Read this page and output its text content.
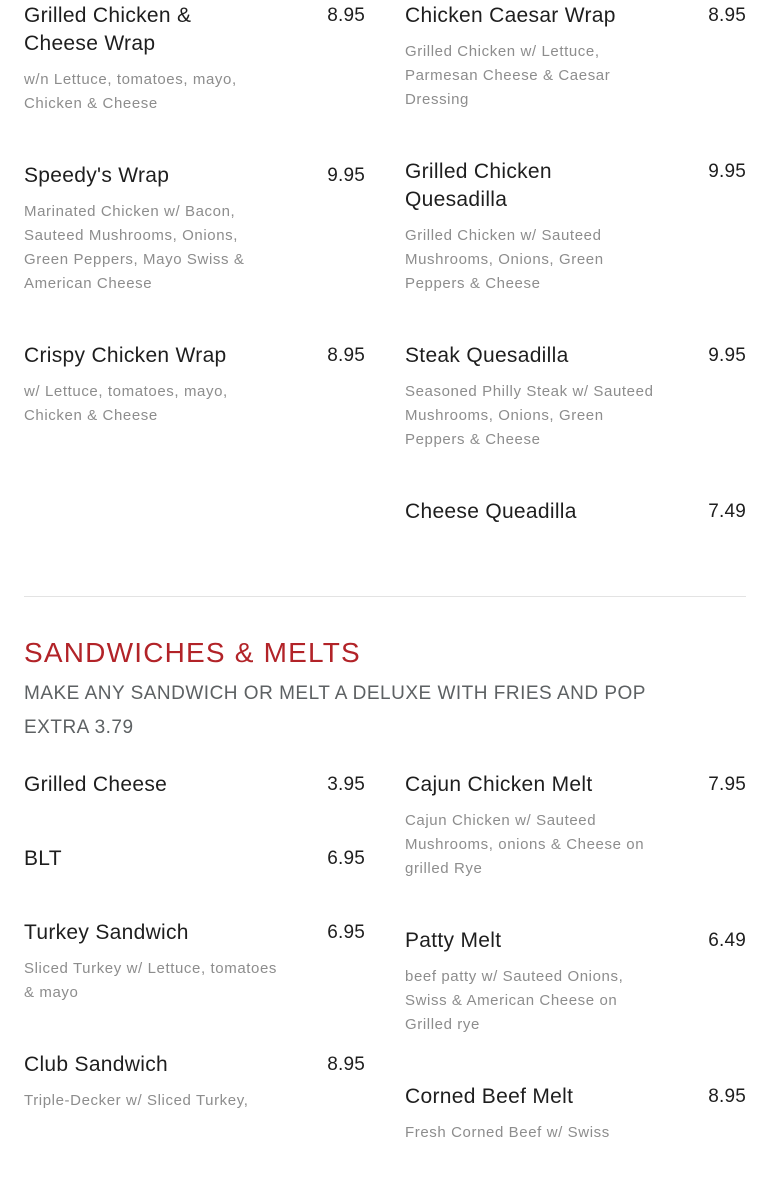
Grilled Chicken & Cheese Wrap
8.95

w/n Lettuce, tomatoes, mayo, Chicken & Cheese

Speedy's Wrap	9.95

Marinated Chicken w/ Bacon, Sauteed Mushrooms, Onions, Green Peppers, Mayo Swiss & American Cheese

Crispy Chicken Wrap	8.95

w/ Lettuce, tomatoes, mayo, Chicken & Cheese

Chicken Caesar Wrap	8.95

Grilled Chicken w/ Lettuce, Parmesan Cheese & Caesar Dressing

Grilled Chicken Quesadilla
9.95

Grilled Chicken w/ Sauteed Mushrooms, Onions, Green Peppers & Cheese

Steak Quesadilla	9.95

Seasoned Philly Steak w/ Sauteed Mushrooms, Onions, Green Peppers & Cheese

Cheese Queadilla	7.49
SANDWICHES & MELTS

MAKE ANY SANDWICH OR MELT A DELUXE WITH FRIES AND POP
EXTRA 3.79

Grilled Cheese	3.95
BLT	6.95
Turkey Sandwich	6.95

Sliced Turkey w/ Lettuce, tomatoes & mayo

Club Sandwich	8.95

Triple-Decker w/ Sliced Turkey,

Cajun Chicken Melt	7.95

Cajun Chicken w/ Sauteed Mushrooms, onions & Cheese on grilled Rye

Patty Melt	6.49

beef patty w/ Sauteed Onions, Swiss & American Cheese on Grilled rye

Corned Beef Melt	8.95

Fresh Corned Beef w/ Swiss
